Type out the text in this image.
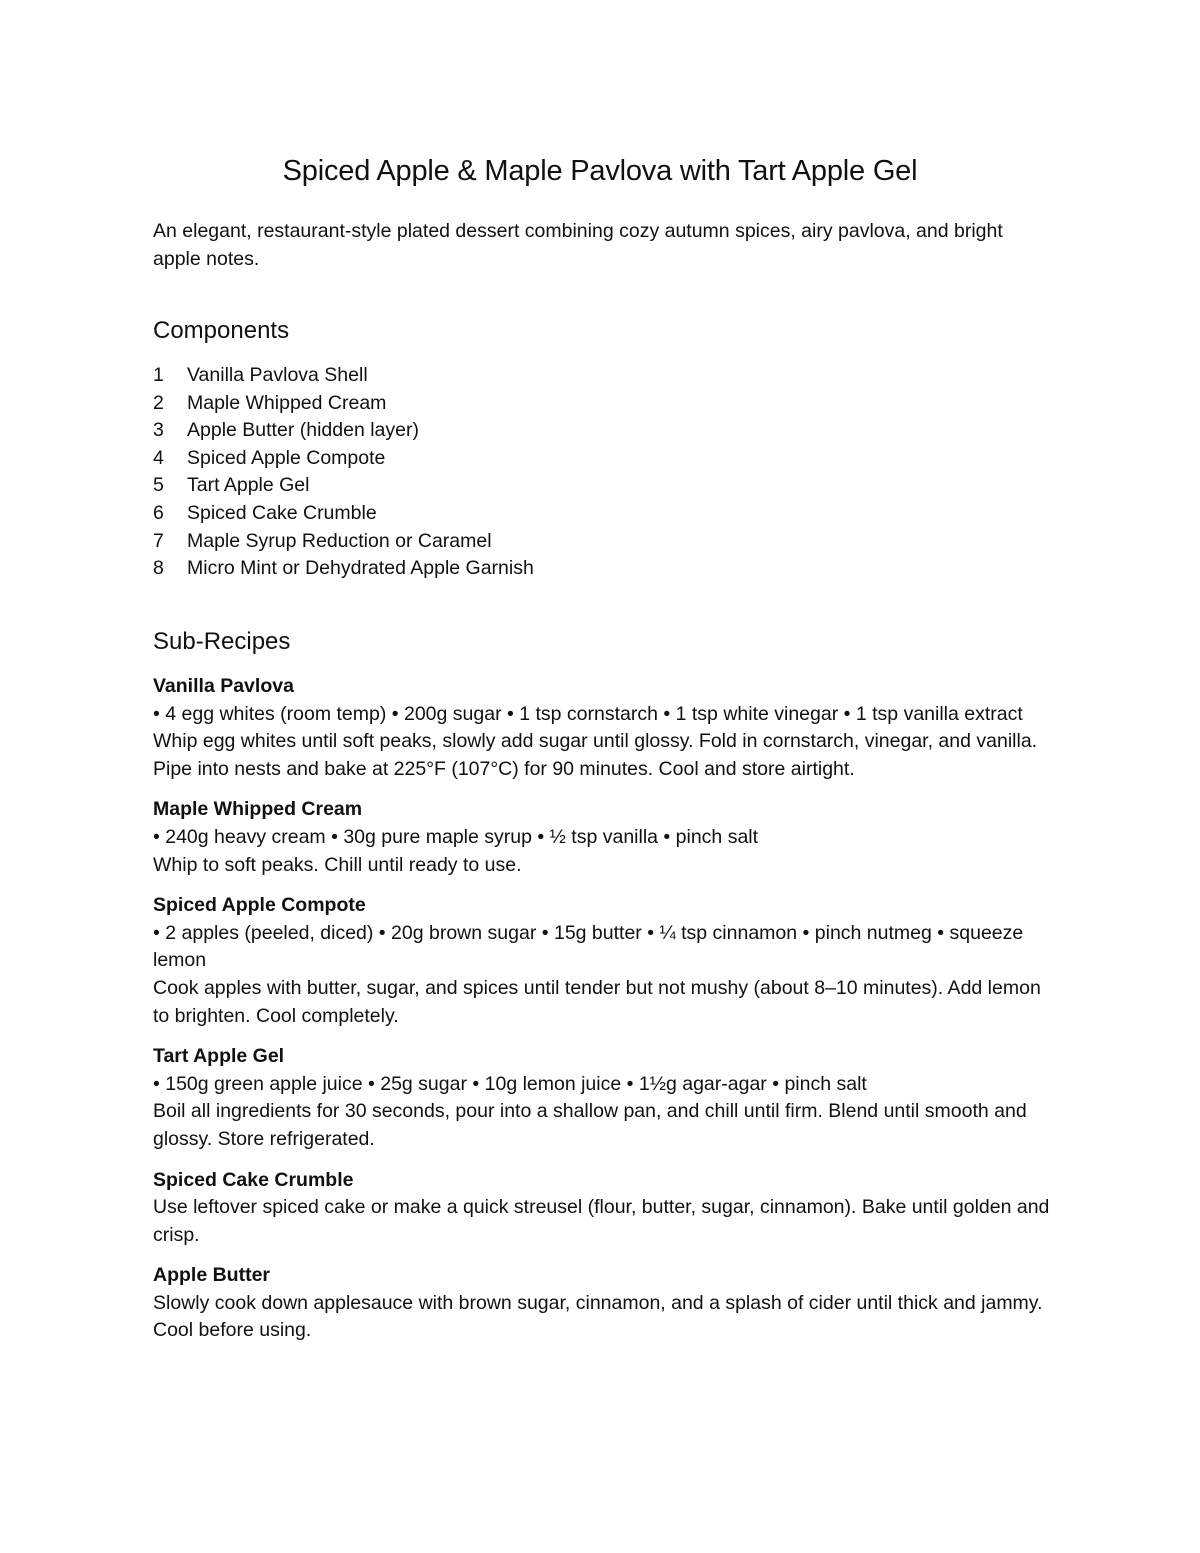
Spiced Apple & Maple Pavlova with Tart Apple Gel

An elegant, restaurant-style plated dessert combining cozy autumn spices, airy pavlova, and bright apple notes.

Components
1	Vanilla Pavlova Shell
2	Maple Whipped Cream
3	Apple Butter (hidden layer)
4	Spiced Apple Compote
5	Tart Apple Gel
6	Spiced Cake Crumble
7	Maple Syrup Reduction or Caramel
8	Micro Mint or Dehydrated Apple Garnish
Sub-Recipes
Vanilla Pavlova
• 4 egg whites (room temp) • 200g sugar • 1 tsp cornstarch • 1 tsp white vinegar • 1 tsp vanilla extract
Whip egg whites until soft peaks, slowly add sugar until glossy. Fold in cornstarch, vinegar, and vanilla. Pipe into nests and bake at 225°F (107°C) for 90 minutes. Cool and store airtight.
Maple Whipped Cream
• 240g heavy cream • 30g pure maple syrup • ½ tsp vanilla • pinch salt
Whip to soft peaks. Chill until ready to use.
Spiced Apple Compote
• 2 apples (peeled, diced) • 20g brown sugar • 15g butter • ¼ tsp cinnamon • pinch nutmeg • squeeze lemon
Cook apples with butter, sugar, and spices until tender but not mushy (about 8–10 minutes). Add lemon to brighten. Cool completely.
Tart Apple Gel
• 150g green apple juice • 25g sugar • 10g lemon juice • 1½g agar-agar • pinch salt
Boil all ingredients for 30 seconds, pour into a shallow pan, and chill until firm. Blend until smooth and glossy. Store refrigerated.
Spiced Cake Crumble
Use leftover spiced cake or make a quick streusel (flour, butter, sugar, cinnamon). Bake until golden and crisp.
Apple Butter
Slowly cook down applesauce with brown sugar, cinnamon, and a splash of cider until thick and jammy. Cool before using.
